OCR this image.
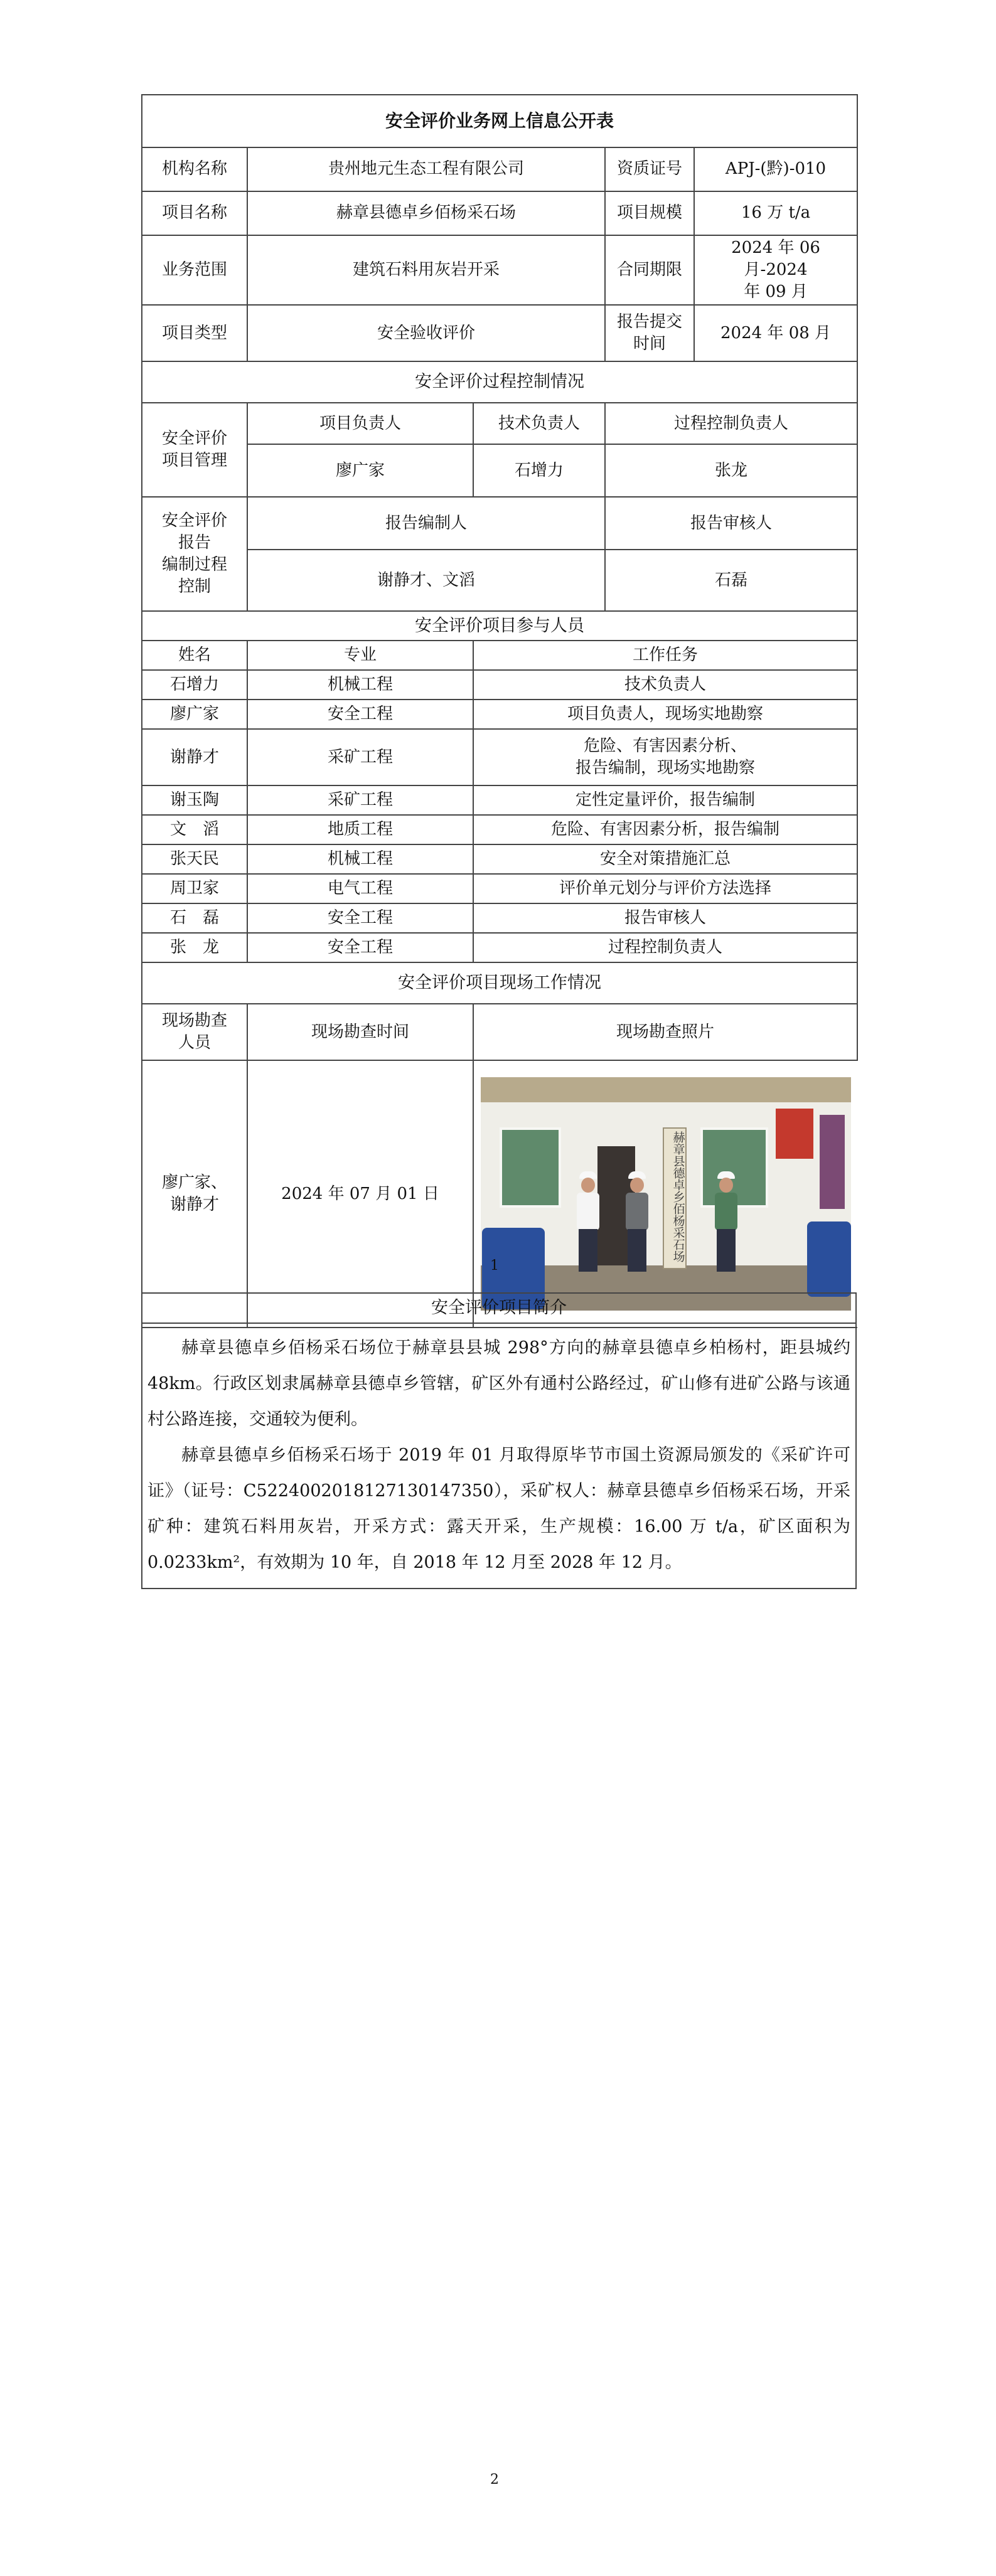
安全评价业务网上信息公开表				
机构名称	贵州地元生态工程有限公司		资质证号	APJ-(黔)-010
项目名称	赫章县德卓乡佰杨采石场		项目规模	16 万 t/a
业务范围	建筑石料用灰岩开采		合同期限	2024 年 06 月-2024
年 09 月

项目类型	安全验收评价		报告提交
时间	2024 年 08 月
安全评价过程控制情况				

安全评价
项目管理	项目负责人	技术负责人	过程控制负责人	
	廖广家	石增力	张龙	

安全评价
报告
编制过程
控制	报告编制人		报告审核人	
	谢静才、文滔		石磊	
安全评价项目参与人员				
姓名	专业	工作任务		
石增力	机械工程	技术负责人		
廖广家	安全工程	项目负责人，现场实地勘察		
谢静才	采矿工程	危险、有害因素分析、
报告编制，现场实地勘察		

谢玉陶	采矿工程	定性定量评价，报告编制		
文　滔	地质工程	危险、有害因素分析，报告编制		
张天民	机械工程	安全对策措施汇总		
周卫家	电气工程	评价单元划分与评价方法选择		
石　磊	安全工程	报告审核人		
张　龙	安全工程	过程控制负责人		
安全评价项目现场工作情况				

现场勘查
人员	现场勘查时间	现场勘查照片		

廖广家、
谢静才	2024 年 07 月 01 日	赫章县德卓乡佰杨采石场		
1
安全评价项目简介

赫章县德卓乡佰杨采石场位于赫章县县城 298°方向的赫章县德卓乡柏杨村，距县城约 48km。行政区划隶属赫章县德卓乡管辖，矿区外有通村公路经过，矿山修有进矿公路与该通村公路连接，交通较为便利。

赫章县德卓乡佰杨采石场于 2019 年 01 月取得原毕节市国土资源局颁发的《采矿许可证》（证号：C5224002018127130147350），采矿权人：赫章县德卓乡佰杨采石场，开采矿种：建筑石料用灰岩，开采方式：露天开采，生产规模：16.00 万 t/a，矿区面积为 0.0233km²，有效期为 10 年，自 2018 年 12 月至 2028 年 12 月。

2
